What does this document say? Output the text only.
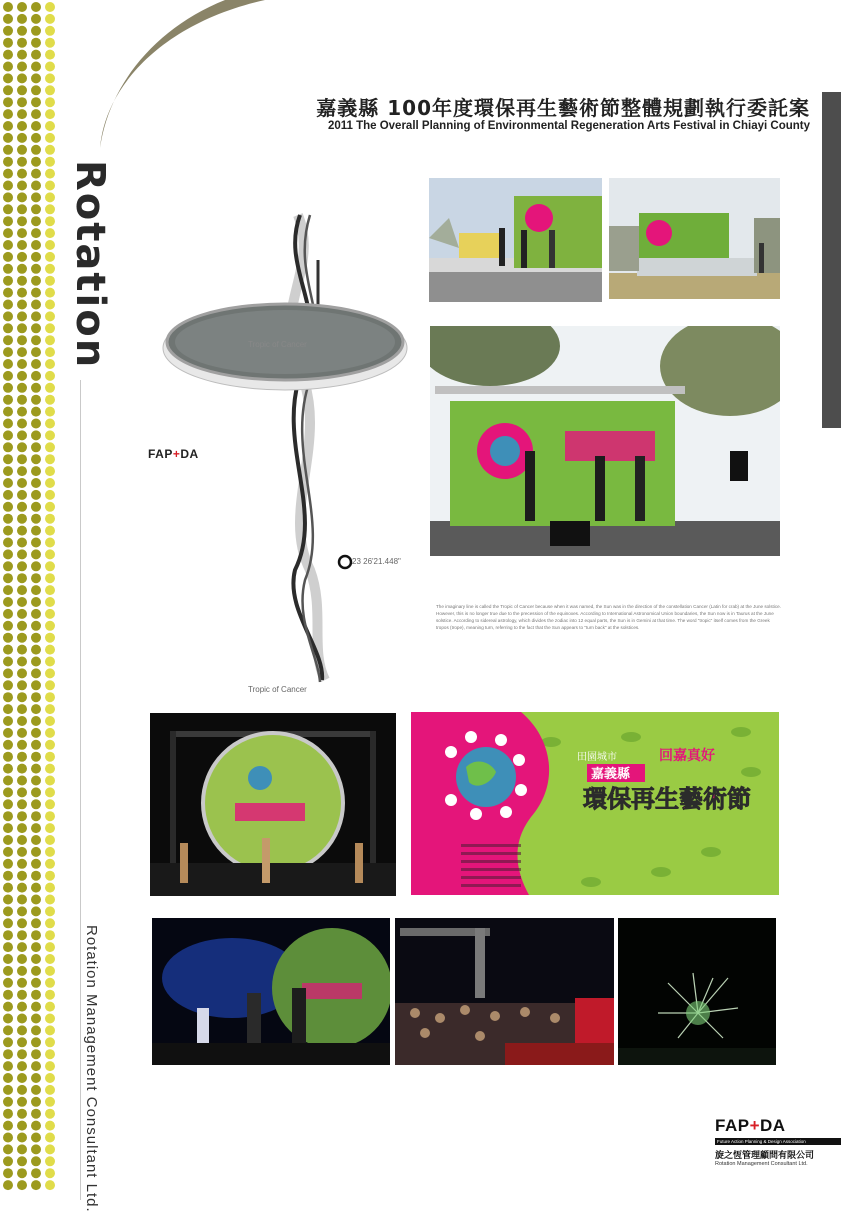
Rotation
Rotation Management Consultant Ltd.
嘉義縣 100年度環保再生藝術節整體規劃執行委託案
2011 The Overall Planning of Environmental Regeneration Arts Festival in Chiayi County
Tropic of Cancer
Tropic of Cancer
23 26'21.448"
FAP+DA

The imaginary line is called the Tropic of Cancer because when it was named, the Sun was in the direction of the constellation Cancer (Latin for crab) at the June solstice. However, this is no longer true due to the precession of the equinoxes. According to International Astronomical Union boundaries, the Sun now is in Taurus at the June solstice. According to sidereal astrology, which divides the zodiac into 12 equal parts, the Sun is in Gemini at that time. The word "tropic" itself comes from the Greek tropos (trope), meaning turn, referring to the fact that the Sun appears to "turn back" at the solstices.
田園城市
嘉義縣
回嘉真好
環保再生藝術節
FAP+DA
Future Action Planning & Design Association
旋之恆管理顧問有限公司
Rotation Management Consultant Ltd.
